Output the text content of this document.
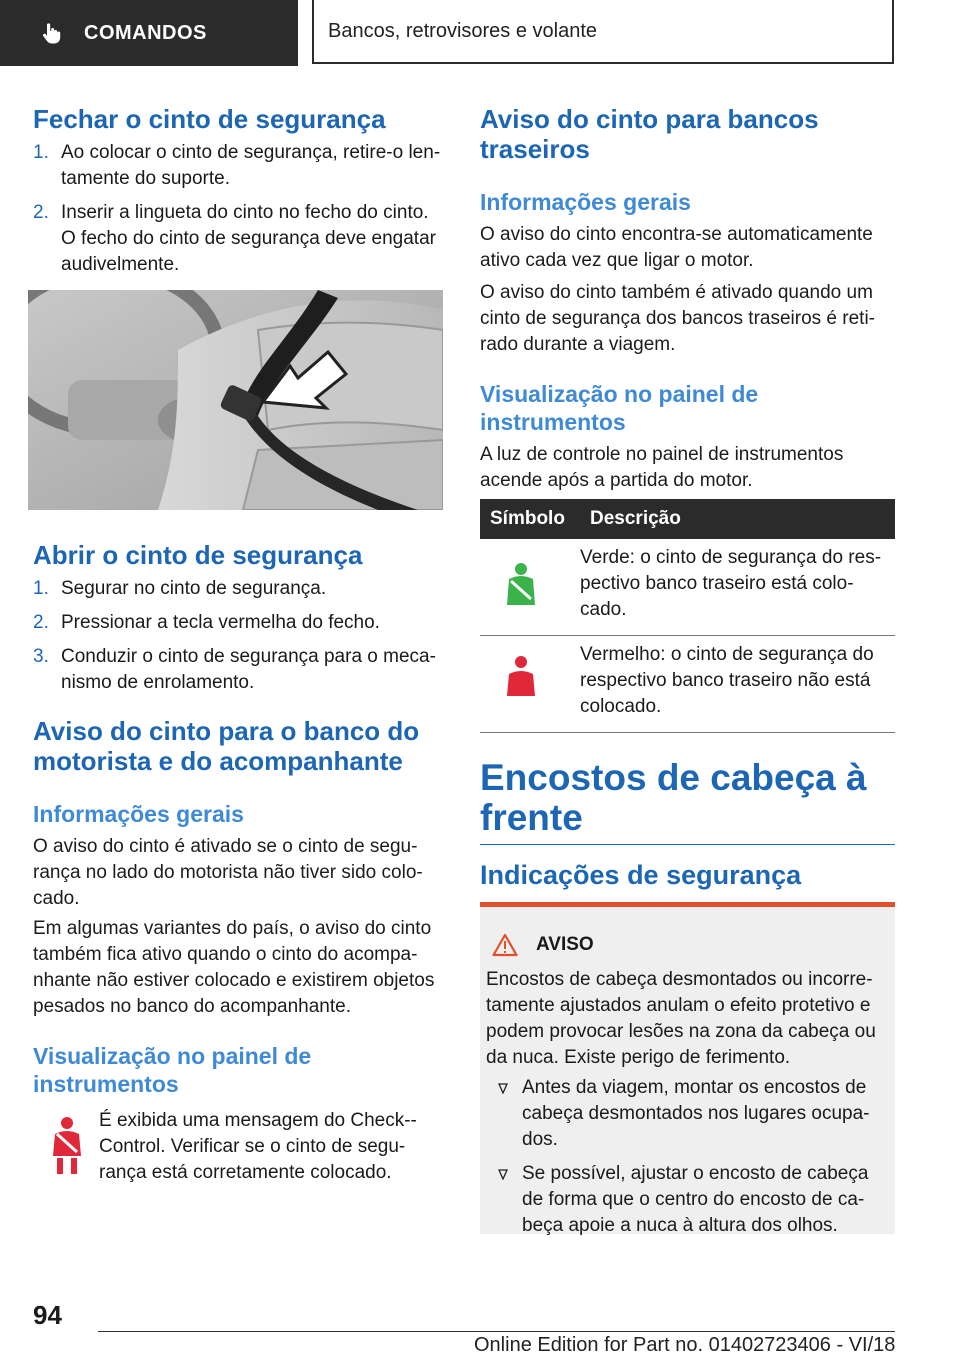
COMANDOS	Bancos, retrovisores e volante
Fechar o cinto de segurança
1. Ao colocar o cinto de segurança, retire-o len-tamente do suporte.
2. Inserir a lingueta do cinto no fecho do cinto. O fecho do cinto de segurança deve engatar audivelmente.
Abrir o cinto de segurança
1. Segurar no cinto de segurança.
2. Pressionar a tecla vermelha do fecho.
3. Conduzir o cinto de segurança para o meca-nismo de enrolamento.
Aviso do cinto para o banco do
motorista e do acompanhante
Informações gerais

O aviso do cinto é ativado se o cinto de segu-rança no lado do motorista não tiver sido colo-cado.

Em algumas variantes do país, o aviso do cinto também fica ativo quando o cinto do acompa-nhante não estiver colocado e existirem objetos pesados no banco do acompanhante.

Visualização no painel de
instrumentos

É exibida uma mensagem do Check--Control. Verificar se o cinto de segu-rança está corretamente colocado.

Aviso do cinto para bancos
traseiros
Informações gerais

O aviso do cinto encontra-se automaticamente ativo cada vez que ligar o motor.

O aviso do cinto também é ativado quando um cinto de segurança dos bancos traseiros é reti-rado durante a viagem.

Visualização no painel de
instrumentos

A luz de controle no painel de instrumentos acende após a partida do motor.

Símbolo	Descrição
	Verde: o cinto de segurança do res-pectivo banco traseiro está colo-cado.
	Vermelho: o cinto de segurança do respectivo banco traseiro não está colocado.
Encostos de cabeça à
frente
Indicações de segurança
AVISO

Encostos de cabeça desmontados ou incorre-tamente ajustados anulam o efeito protetivo e podem provocar lesões na zona da cabeça ou da nuca. Existe perigo de ferimento.

Antes da viagem, montar os encostos de cabeça desmontados nos lugares ocupa-dos.
Se possível, ajustar o encosto de cabeça de forma que o centro do encosto de ca-beça apoie a nuca à altura dos olhos.
94
Online Edition for Part no. 01402723406 - VI/18
